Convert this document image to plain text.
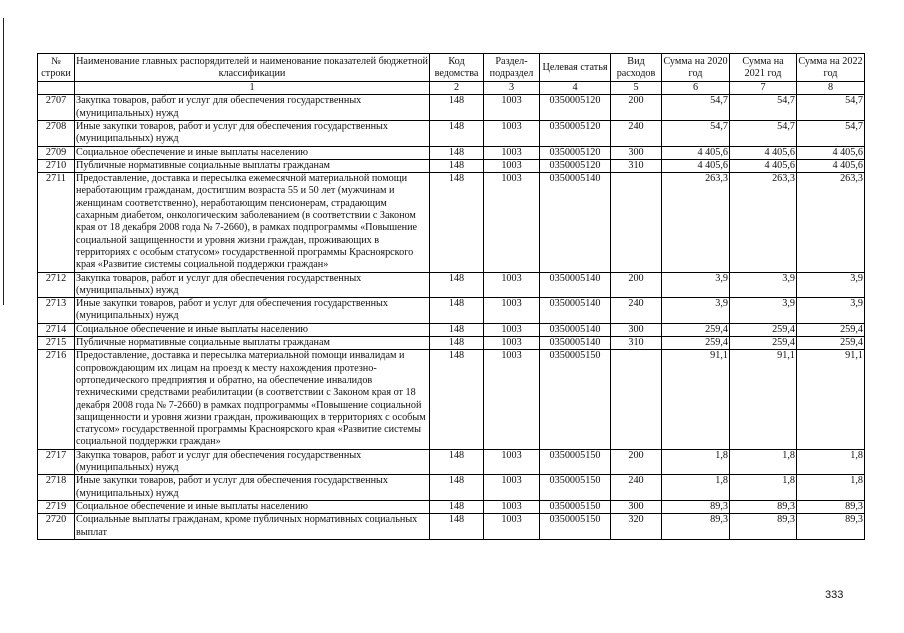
№ строки	Наименование главных распорядителей и наименование показателей бюджетной классификации	Код ведомства	Раздел-подраздел	Целевая статья	Вид расходов	Сумма на 2020 год	Сумма на 2021 год	Сумма на 2022 год
	1	2	3	4	5	6	7	8
2707	Закупка товаров, работ и услуг для обеспечения государственных (муниципальных) нужд	148	1003	0350005120	200	54,7	54,7	54,7
2708	Иные закупки товаров, работ и услуг для обеспечения государственных (муниципальных) нужд	148	1003	0350005120	240	54,7	54,7	54,7
2709	Социальное обеспечение и иные выплаты населению	148	1003	0350005120	300	4 405,6	4 405,6	4 405,6
2710	Публичные нормативные социальные выплаты гражданам	148	1003	0350005120	310	4 405,6	4 405,6	4 405,6
2711	Предоставление, доставка и пересылка ежемесячной материальной помощи неработающим гражданам, достигшим возраста 55 и 50 лет (мужчинам и женщинам соответственно), неработающим пенсионерам, страдающим сахарным диабетом, онкологическим заболеванием (в соответствии с Законом края от 18 декабря 2008 года № 7-2660), в рамках подпрограммы «Повышение социальной защищенности и уровня жизни граждан, проживающих в территориях с особым статусом» государственной программы Красноярского края «Развитие системы социальной поддержки граждан»	148	1003	0350005140		263,3	263,3	263,3
2712	Закупка товаров, работ и услуг для обеспечения государственных (муниципальных) нужд	148	1003	0350005140	200	3,9	3,9	3,9
2713	Иные закупки товаров, работ и услуг для обеспечения государственных (муниципальных) нужд	148	1003	0350005140	240	3,9	3,9	3,9
2714	Социальное обеспечение и иные выплаты населению	148	1003	0350005140	300	259,4	259,4	259,4
2715	Публичные нормативные социальные выплаты гражданам	148	1003	0350005140	310	259,4	259,4	259,4
2716	Предоставление, доставка и пересылка материальной помощи инвалидам и сопровождающим их лицам на проезд к месту нахождения протезно-ортопедического предприятия и обратно, на обеспечение инвалидов техническими средствами реабилитации (в соответствии с Законом края от 18 декабря 2008 года № 7-2660) в рамках подпрограммы «Повышение социальной защищенности и уровня жизни граждан, проживающих в территориях с особым статусом» государственной программы Красноярского края «Развитие системы социальной поддержки граждан»	148	1003	0350005150		91,1	91,1	91,1
2717	Закупка товаров, работ и услуг для обеспечения государственных (муниципальных) нужд	148	1003	0350005150	200	1,8	1,8	1,8
2718	Иные закупки товаров, работ и услуг для обеспечения государственных (муниципальных) нужд	148	1003	0350005150	240	1,8	1,8	1,8
2719	Социальное обеспечение и иные выплаты населению	148	1003	0350005150	300	89,3	89,3	89,3
2720	Социальные выплаты гражданам, кроме публичных нормативных социальных выплат	148	1003	0350005150	320	89,3	89,3	89,3
333
